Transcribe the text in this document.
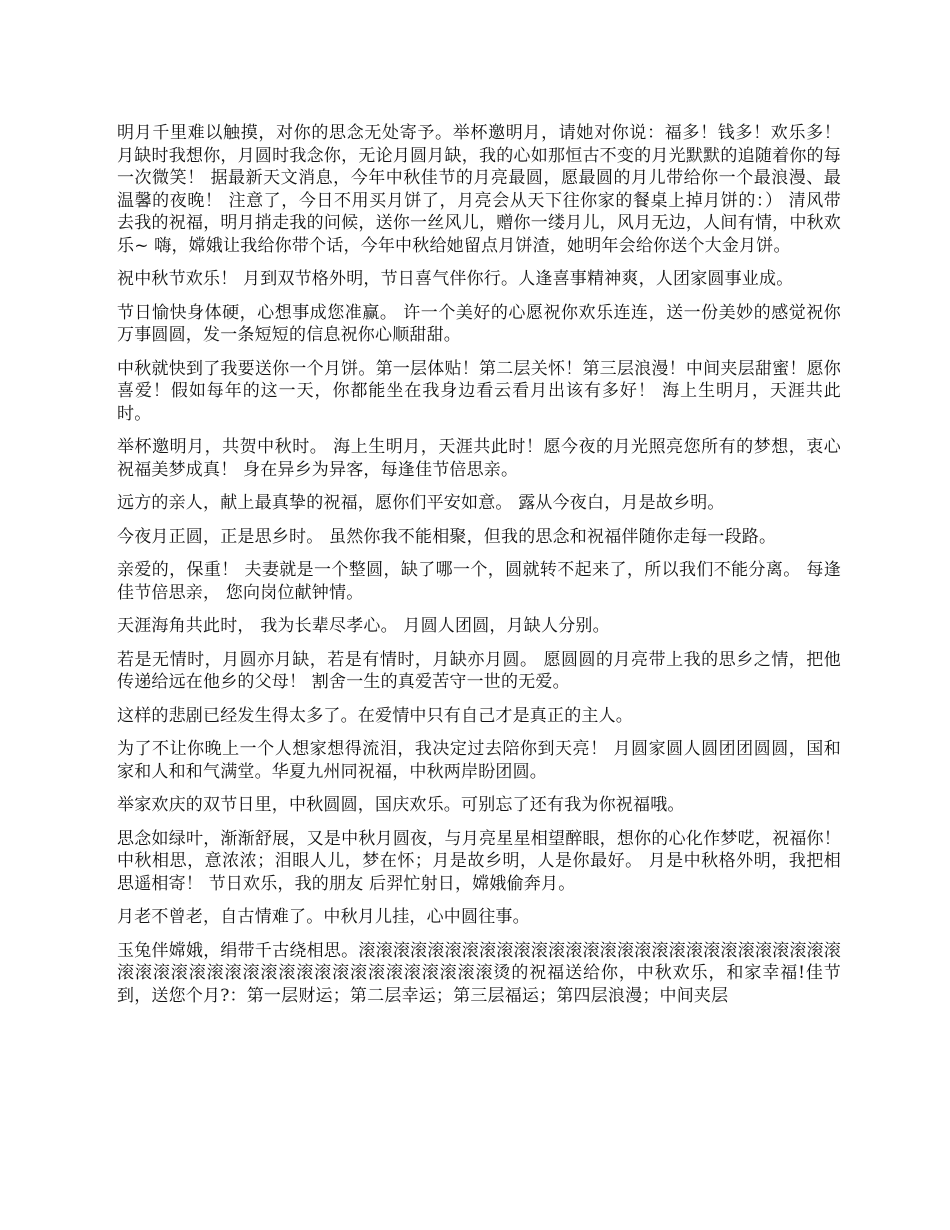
明月千里难以触摸，对你的思念无处寄予。举杯邀明月，请她对你说：福多！钱多！欢乐多！ 月缺时我想你，月圆时我念你，无论月圆月缺，我的心如那恒古不变的月光默默的追随着你的每一次微笑！ 据最新天文消息，今年中秋佳节的月亮最圆，愿最圆的月儿带给你一个最浪漫、最温馨的夜晚！ 注意了，今日不用买月饼了，月亮会从天下往你家的餐桌上掉月饼的：） 清风带去我的祝福，明月捎走我的问候，送你一丝风儿，赠你一缕月儿，风月无边，人间有情，中秋欢乐~ 嗨，嫦娥让我给你带个话，今年中秋给她留点月饼渣，她明年会给你送个大金月饼。

祝中秋节欢乐！ 月到双节格外明，节日喜气伴你行。人逢喜事精神爽，人团家圆事业成。

节日愉快身体硬，心想事成您准赢。 许一个美好的心愿祝你欢乐连连，送一份美妙的感觉祝你万事圆圆，发一条短短的信息祝你心顺甜甜。

中秋就快到了我要送你一个月饼。第一层体贴！第二层关怀！第三层浪漫！中间夹层甜蜜！愿你喜爱！假如每年的这一天，你都能坐在我身边看云看月出该有多好！ 海上生明月，天涯共此时。

举杯邀明月，共贺中秋时。 海上生明月，天涯共此时！愿今夜的月光照亮您所有的梦想，衷心祝福美梦成真！ 身在异乡为异客，每逢佳节倍思亲。

远方的亲人，献上最真挚的祝福，愿你们平安如意。 露从今夜白，月是故乡明。

今夜月正圆，正是思乡时。 虽然你我不能相聚，但我的思念和祝福伴随你走每一段路。

亲爱的，保重！ 夫妻就是一个整圆，缺了哪一个，圆就转不起来了，所以我们不能分离。 每逢佳节倍思亲， 您向岗位献钟情。

天涯海角共此时， 我为长辈尽孝心。 月圆人团圆，月缺人分别。

若是无情时，月圆亦月缺，若是有情时，月缺亦月圆。 愿圆圆的月亮带上我的思乡之情，把他传递给远在他乡的父母！ 割舍一生的真爱苦守一世的无爱。

这样的悲剧已经发生得太多了。在爱情中只有自己才是真正的主人。

为了不让你晚上一个人想家想得流泪，我决定过去陪你到天亮！ 月圆家圆人圆团团圆圆，国和家和人和和气满堂。华夏九州同祝福，中秋两岸盼团圆。

举家欢庆的双节日里，中秋圆圆，国庆欢乐。可别忘了还有我为你祝福哦。

思念如绿叶，渐渐舒展，又是中秋月圆夜，与月亮星星相望醉眼，想你的心化作梦呓，祝福你！ 中秋相思，意浓浓；泪眼人儿，梦在怀；月是故乡明，人是你最好。 月是中秋格外明，我把相思遥相寄！ 节日欢乐，我的朋友 后羿忙射日，嫦娥偷奔月。

月老不曾老，自古情难了。中秋月儿挂，心中圆往事。

玉兔伴嫦娥，绢带千古绕相思。滚滚滚滚滚滚滚滚滚滚滚滚滚滚滚滚滚滚滚滚滚滚滚滚滚滚滚滚滚滚滚滚滚滚滚滚滚滚滚滚滚滚滚滚滚滚滚滚滚烫的祝福送给你，中秋欢乐，和家幸福!佳节到，送您个月?：第一层财运；第二层幸运；第三层福运；第四层浪漫；中间夹层
